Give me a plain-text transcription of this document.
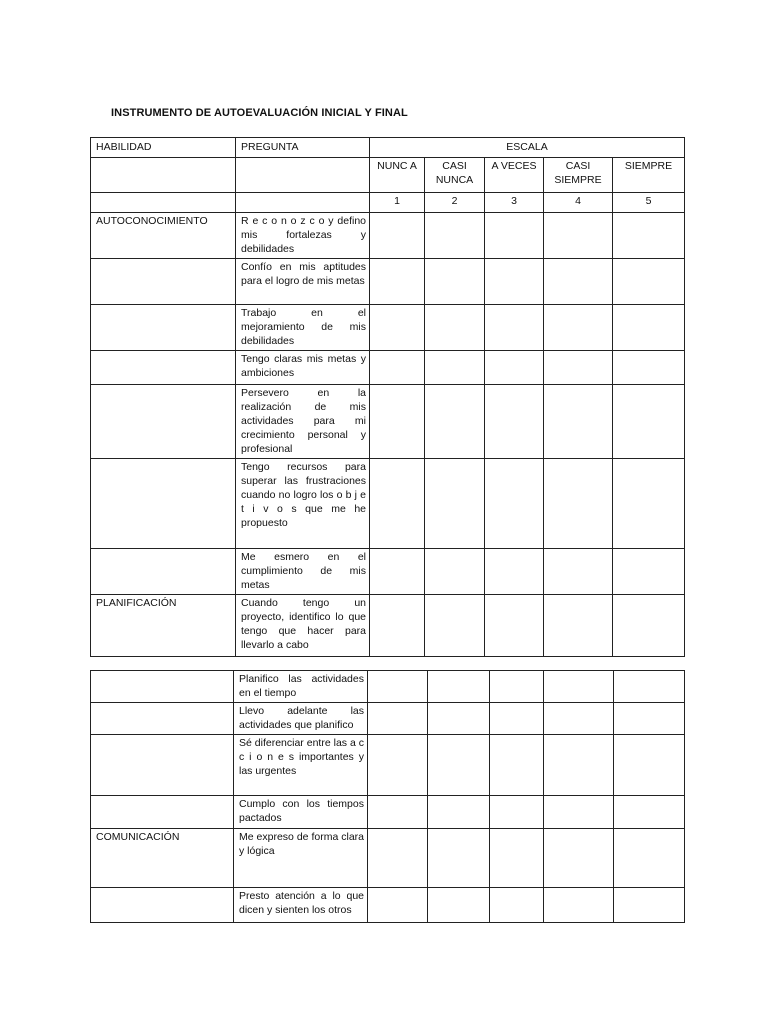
INSTRUMENTO DE AUTOEVALUACIÓN INICIAL Y FINAL
HABILIDAD	PREGUNTA	ESCALA				
		NUNC A	CASI NUNCA	A VECES	CASI SIEMPRE	SIEMPRE
		1	2	3	4	5
AUTOCONOCIMIENTO	R e c o n o z c o y defino mis fortalezas y debilidades					
	Confío en mis aptitudes para el logro de mis metas					
	Trabajo en el mejoramiento de mis debilidades					
	Tengo claras mis metas y ambiciones					
	Persevero en la realización de mis actividades para mi crecimiento personal y profesional					
	Tengo recursos para superar las frustraciones cuando no logro los o b j e t i v o s que me he propuesto					
	Me esmero en el cumplimiento de mis metas					
PLANIFICACIÓN	Cuando tengo un proyecto, identifico lo que tengo que hacer para llevarlo a cabo					
	Planifico las actividades en el tiempo					
	Llevo adelante las actividades que planifico					
	Sé diferenciar entre las a c c i o n e s importantes y las urgentes					
	Cumplo con los tiempos pactados					
COMUNICACIÓN	Me expreso de forma clara y lógica					
	Presto atención a lo que dicen y sienten los otros					
